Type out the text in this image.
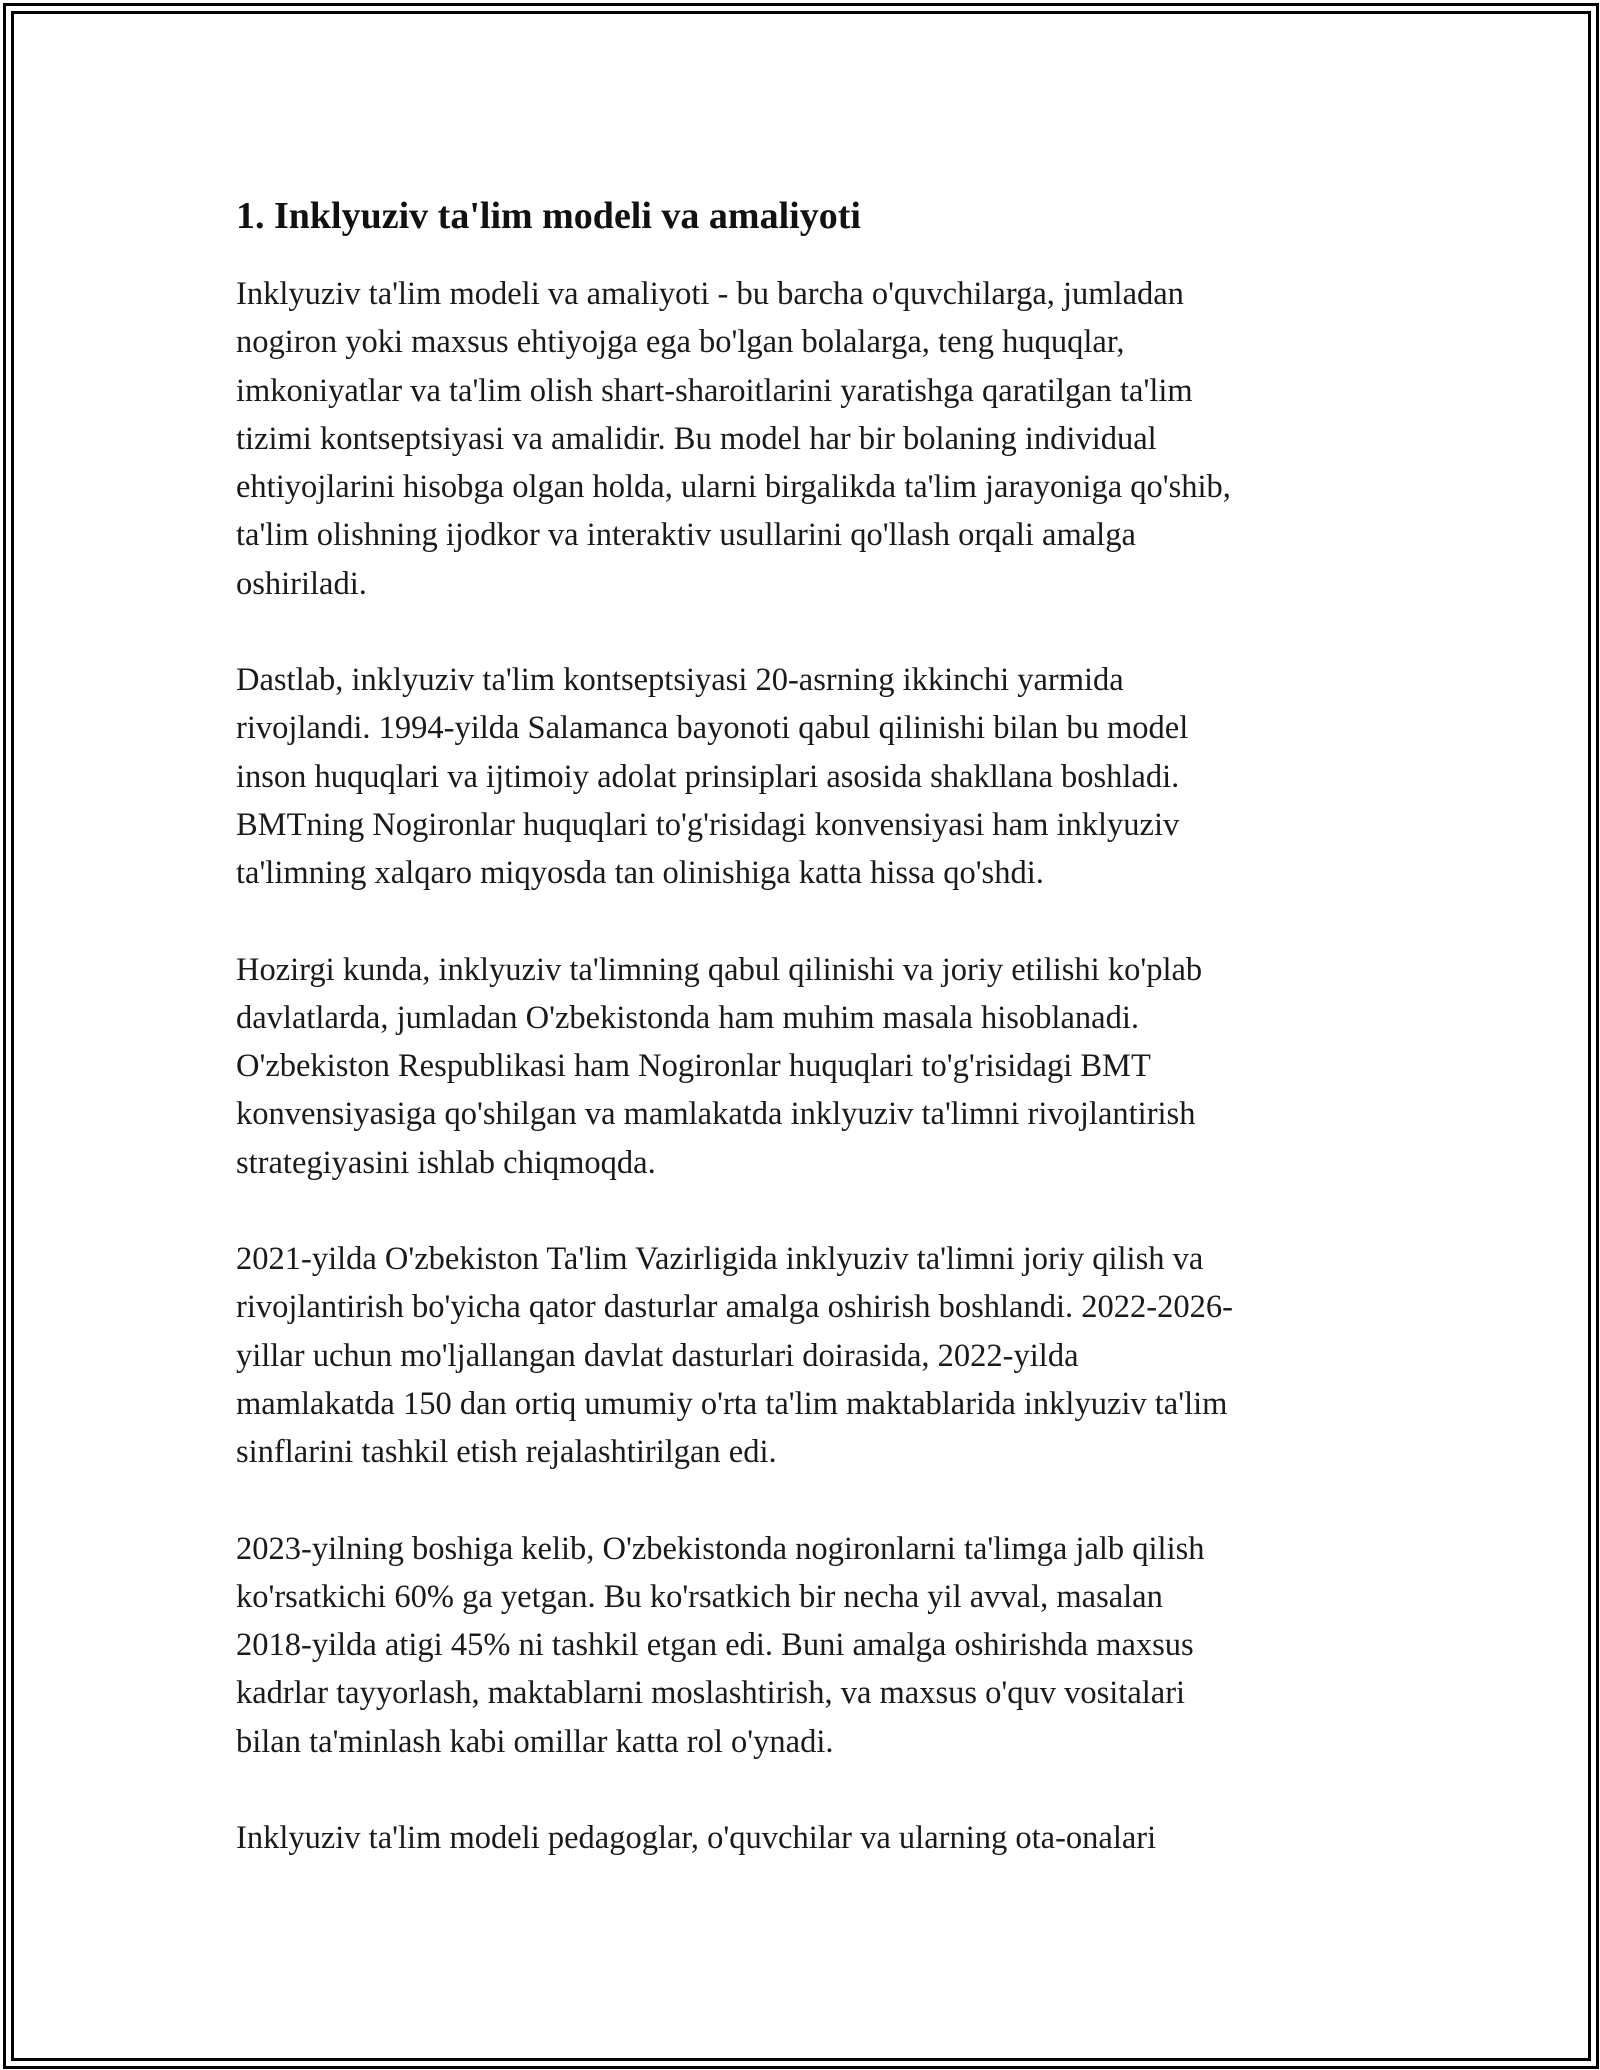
1. Inklyuziv ta'lim modeli va amaliyoti

Inklyuziv ta'lim modeli va amaliyoti - bu barcha o'quvchilarga, jumladan
nogiron yoki maxsus ehtiyojga ega bo'lgan bolalarga, teng huquqlar,
imkoniyatlar va ta'lim olish shart-sharoitlarini yaratishga qaratilgan ta'lim
tizimi kontseptsiyasi va amalidir. Bu model har bir bolaning individual
ehtiyojlarini hisobga olgan holda, ularni birgalikda ta'lim jarayoniga qo'shib,
ta'lim olishning ijodkor va interaktiv usullarini qo'llash orqali amalga
oshiriladi.

Dastlab, inklyuziv ta'lim kontseptsiyasi 20-asrning ikkinchi yarmida
rivojlandi. 1994-yilda Salamanca bayonoti qabul qilinishi bilan bu model
inson huquqlari va ijtimoiy adolat prinsiplari asosida shakllana boshladi.
BMTning Nogironlar huquqlari to'g'risidagi konvensiyasi ham inklyuziv
ta'limning xalqaro miqyosda tan olinishiga katta hissa qo'shdi.

Hozirgi kunda, inklyuziv ta'limning qabul qilinishi va joriy etilishi ko'plab
davlatlarda, jumladan O'zbekistonda ham muhim masala hisoblanadi.
O'zbekiston Respublikasi ham Nogironlar huquqlari to'g'risidagi BMT
konvensiyasiga qo'shilgan va mamlakatda inklyuziv ta'limni rivojlantirish
strategiyasini ishlab chiqmoqda.

2021-yilda O'zbekiston Ta'lim Vazirligida inklyuziv ta'limni joriy qilish va
rivojlantirish bo'yicha qator dasturlar amalga oshirish boshlandi. 2022-2026-
yillar uchun mo'ljallangan davlat dasturlari doirasida, 2022-yilda
mamlakatda 150 dan ortiq umumiy o'rta ta'lim maktablarida inklyuziv ta'lim
sinflarini tashkil etish rejalashtirilgan edi.

2023-yilning boshiga kelib, O'zbekistonda nogironlarni ta'limga jalb qilish
ko'rsatkichi 60% ga yetgan. Bu ko'rsatkich bir necha yil avval, masalan
2018-yilda atigi 45% ni tashkil etgan edi. Buni amalga oshirishda maxsus
kadrlar tayyorlash, maktablarni moslashtirish, va maxsus o'quv vositalari
bilan ta'minlash kabi omillar katta rol o'ynadi.

Inklyuziv ta'lim modeli pedagoglar, o'quvchilar va ularning ota-onalari
